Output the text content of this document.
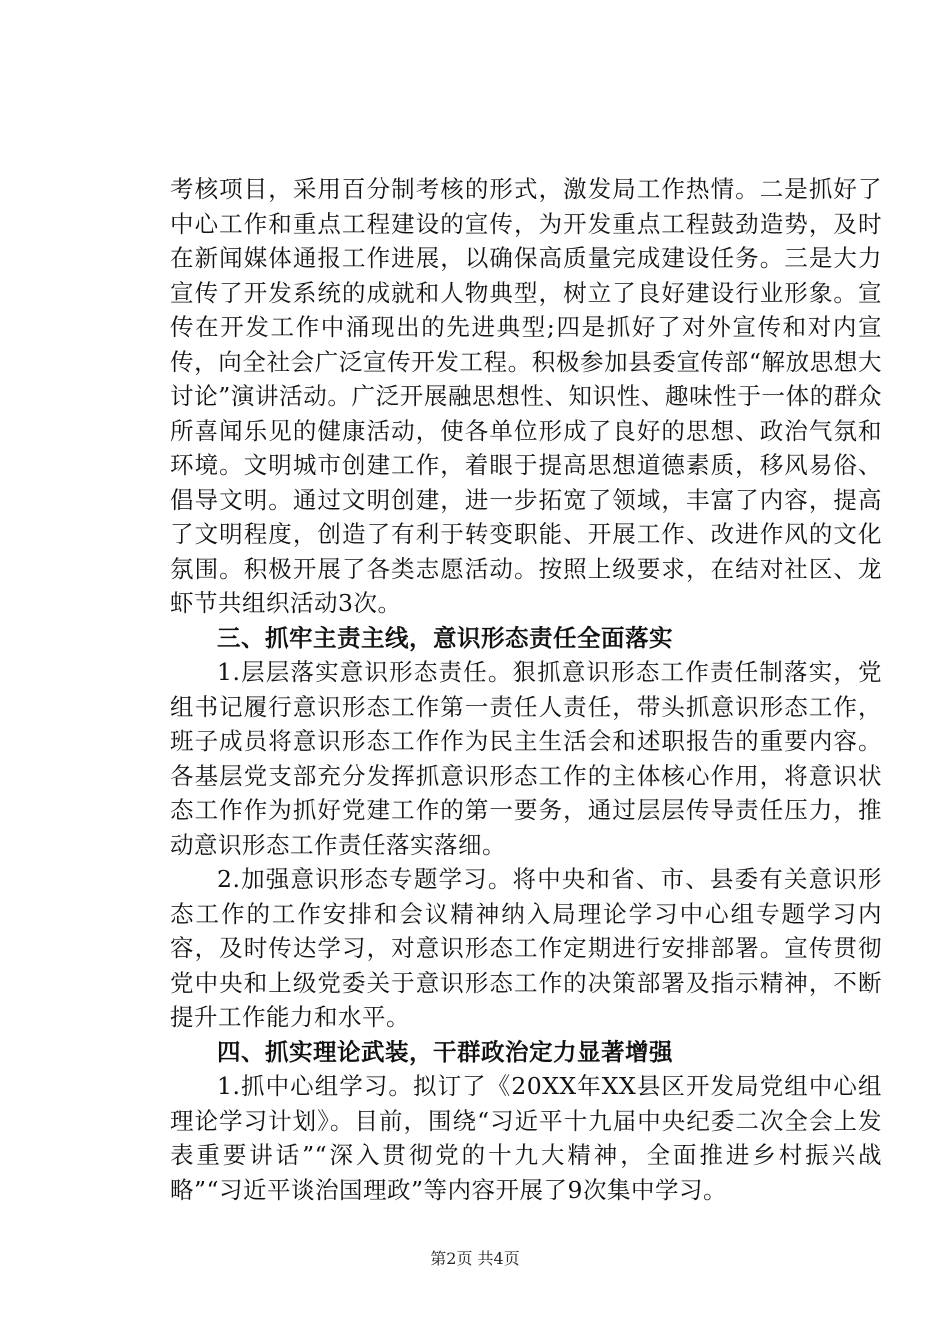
考核项目，采用百分制考核的形式，激发局工作热情。二是抓好了中心工作和重点工程建设的宣传，为开发重点工程鼓劲造势，及时在新闻媒体通报工作进展，以确保高质量完成建设任务。三是大力宣传了开发系统的成就和人物典型，树立了良好建设行业形象。宣传在开发工作中涌现出的先进典型;四是抓好了对外宣传和对内宣传，向全社会广泛宣传开发工程。积极参加县委宣传部“解放思想大讨论”演讲活动。广泛开展融思想性、知识性、趣味性于一体的群众所喜闻乐见的健康活动，使各单位形成了良好的思想、政治气氛和环境。文明城市创建工作，着眼于提高思想道德素质，移风易俗、倡导文明。通过文明创建，进一步拓宽了领域，丰富了内容，提高了文明程度，创造了有利于转变职能、开展工作、改进作风的文化氛围。积极开展了各类志愿活动。按照上级要求，在结对社区、龙虾节共组织活动3次。

三、抓牢主责主线，意识形态责任全面落实

1.层层落实意识形态责任。狠抓意识形态工作责任制落实，党组书记履行意识形态工作第一责任人责任，带头抓意识形态工作，班子成员将意识形态工作作为民主生活会和述职报告的重要内容。各基层党支部充分发挥抓意识形态工作的主体核心作用，将意识状态工作作为抓好党建工作的第一要务，通过层层传导责任压力，推动意识形态工作责任落实落细。

2.加强意识形态专题学习。将中央和省、市、县委有关意识形态工作的工作安排和会议精神纳入局理论学习中心组专题学习内容，及时传达学习，对意识形态工作定期进行安排部署。宣传贯彻党中央和上级党委关于意识形态工作的决策部署及指示精神，不断提升工作能力和水平。

四、抓实理论武装，干群政治定力显著增强

1.抓中心组学习。拟订了《20XX年XX县区开发局党组中心组理论学习计划》。目前，围绕“习近平十九届中央纪委二次全会上发表重要讲话”“深入贯彻党的十九大精神，全面推进乡村振兴战略”“习近平谈治国理政”等内容开展了9次集中学习。

第2页 共4页
